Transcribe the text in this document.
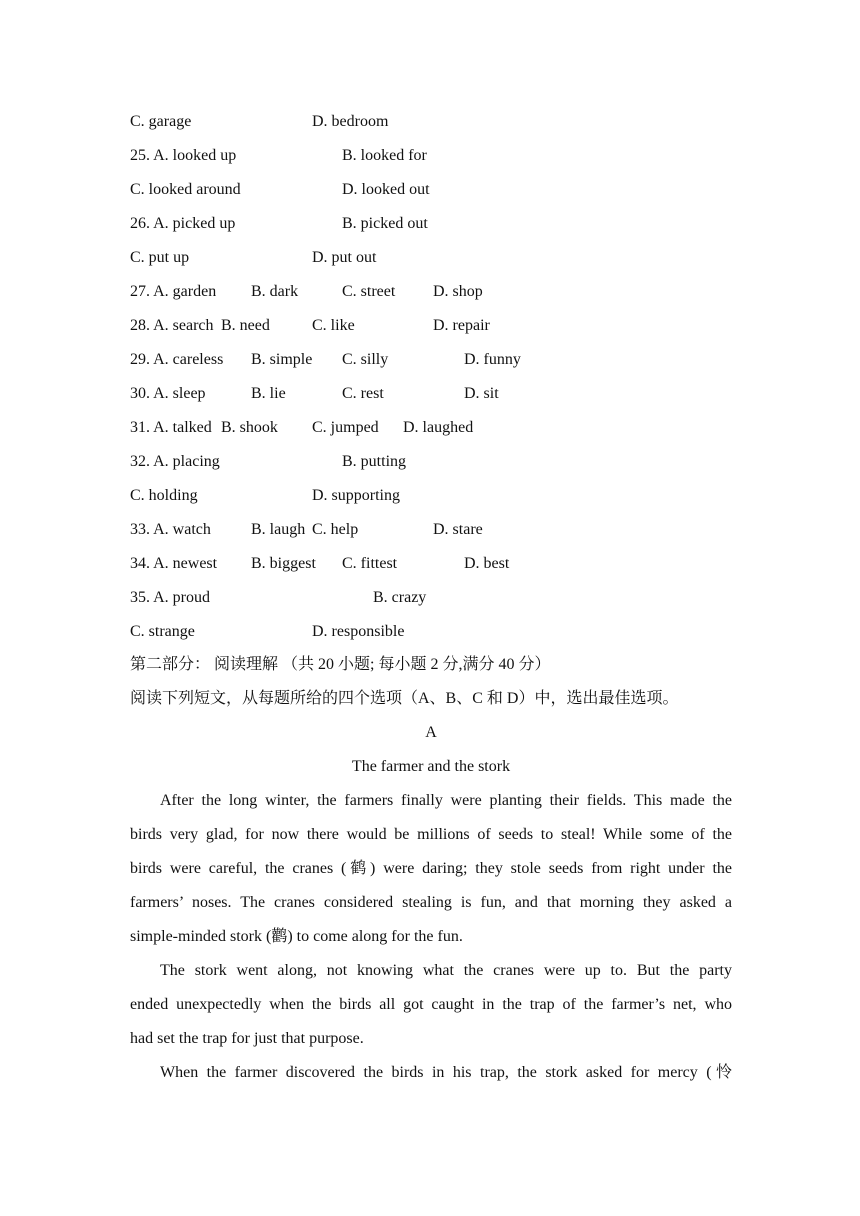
C. garage	D. bedroom
25. A. looked up	B. looked for
C. looked around	D. looked out
26. A. picked up	B. picked out
C. put up	D. put out
27. A. garden B. dark	C. street D. shop
28. A. search B. need	C. like	D. repair
29. A. careless B. simple C. silly	D. funny
30. A. sleep	B. lie	C. rest	D. sit
31. A. talked B. shook C. jumped D. laughed
32. A. placing	B. putting
C. holding	D. supporting
33. A. watch	B. laugh C. help	D. stare
34. A. newest B. biggest C. fittest	D. best
35. A. proud	B. crazy
C. strange	D. responsible
第二部分： 阅读理解 （共 20 小题; 每小题 2 分,满分 40 分）
阅读下列短文，从每题所给的四个选项（A、B、C 和 D）中，选出最佳选项。
A
The farmer and the stork
After the long winter, the farmers finally were planting their fields. This made the
birds very glad, for now there would be millions of seeds to steal! While some of the
birds were careful, the cranes (鹤) were daring; they stole seeds from right under the
farmers’ noses. The cranes considered stealing is fun, and that morning they asked a
simple-minded stork (鹳) to come along for the fun.
The stork went along, not knowing what the cranes were up to. But the party
ended unexpectedly when the birds all got caught in the trap of the farmer’s net, who
had set the trap for just that purpose.
When the farmer discovered the birds in his trap, the stork asked for mercy (怜
